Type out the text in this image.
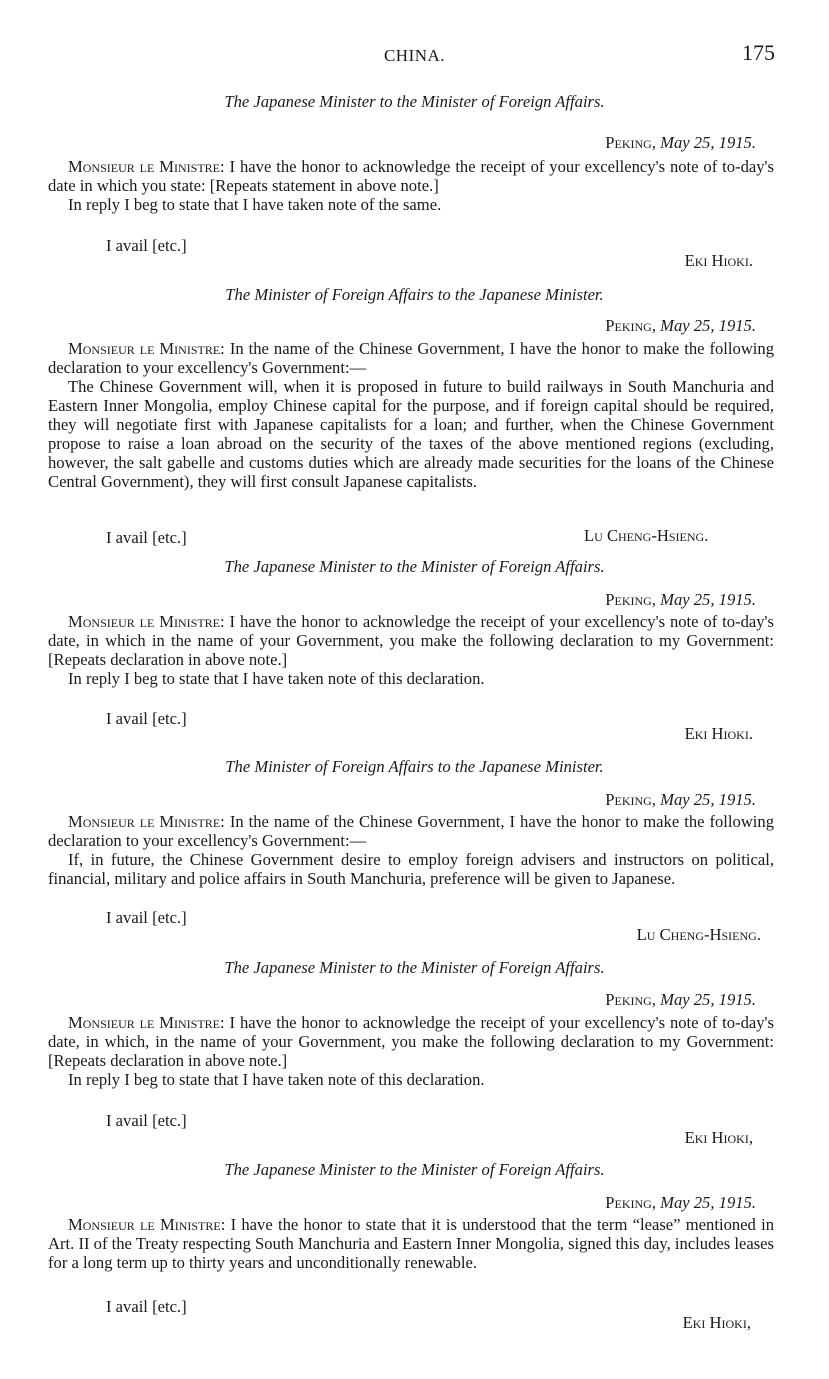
CHINA.	175
The Japanese Minister to the Minister of Foreign Affairs.
Peking, May 25, 1915.

Monsieur le Ministre: I have the honor to acknowledge the receipt of your excellency's note of to-day's date in which you state: [Repeats statement in above note.]

In reply I beg to state that I have taken note of the same.

I avail [etc.]
Eki Hioki.
The Minister of Foreign Affairs to the Japanese Minister.
Peking, May 25, 1915.

Monsieur le Ministre: In the name of the Chinese Government, I have the honor to make the following declaration to your excellency's Government:—

The Chinese Government will, when it is proposed in future to build railways in South Manchuria and Eastern Inner Mongolia, employ Chinese capital for the purpose, and if foreign capital should be required, they will negotiate first with Japanese capitalists for a loan; and further, when the Chinese Government propose to raise a loan abroad on the security of the taxes of the above mentioned regions (excluding, however, the salt gabelle and customs duties which are already made securities for the loans of the Chinese Central Government), they will first consult Japanese capitalists.

I avail [etc.]	Lu Cheng-Hsieng.
The Japanese Minister to the Minister of Foreign Affairs.
Peking, May 25, 1915.

Monsieur le Ministre: I have the honor to acknowledge the receipt of your excellency's note of to-day's date, in which in the name of your Government, you make the following declaration to my Government: [Repeats declaration in above note.]

In reply I beg to state that I have taken note of this declaration.

I avail [etc.]
Eki Hioki.
The Minister of Foreign Affairs to the Japanese Minister.
Peking, May 25, 1915.

Monsieur le Ministre: In the name of the Chinese Government, I have the honor to make the following declaration to your excellency's Government:—

If, in future, the Chinese Government desire to employ foreign advisers and instructors on political, financial, military and police affairs in South Manchuria, preference will be given to Japanese.

I avail [etc.]
Lu Cheng-Hsieng.
The Japanese Minister to the Minister of Foreign Affairs.
Peking, May 25, 1915.

Monsieur le Ministre: I have the honor to acknowledge the receipt of your excellency's note of to-day's date, in which, in the name of your Government, you make the following declaration to my Government: [Repeats declaration in above note.]

In reply I beg to state that I have taken note of this declaration.

I avail [etc.]
Eki Hioki,
The Japanese Minister to the Minister of Foreign Affairs.
Peking, May 25, 1915.

Monsieur le Ministre: I have the honor to state that it is understood that the term “lease” mentioned in Art. II of the Treaty respecting South Manchuria and Eastern Inner Mongolia, signed this day, includes leases for a long term up to thirty years and unconditionally renewable.

I avail [etc.]
Eki Hioki,
